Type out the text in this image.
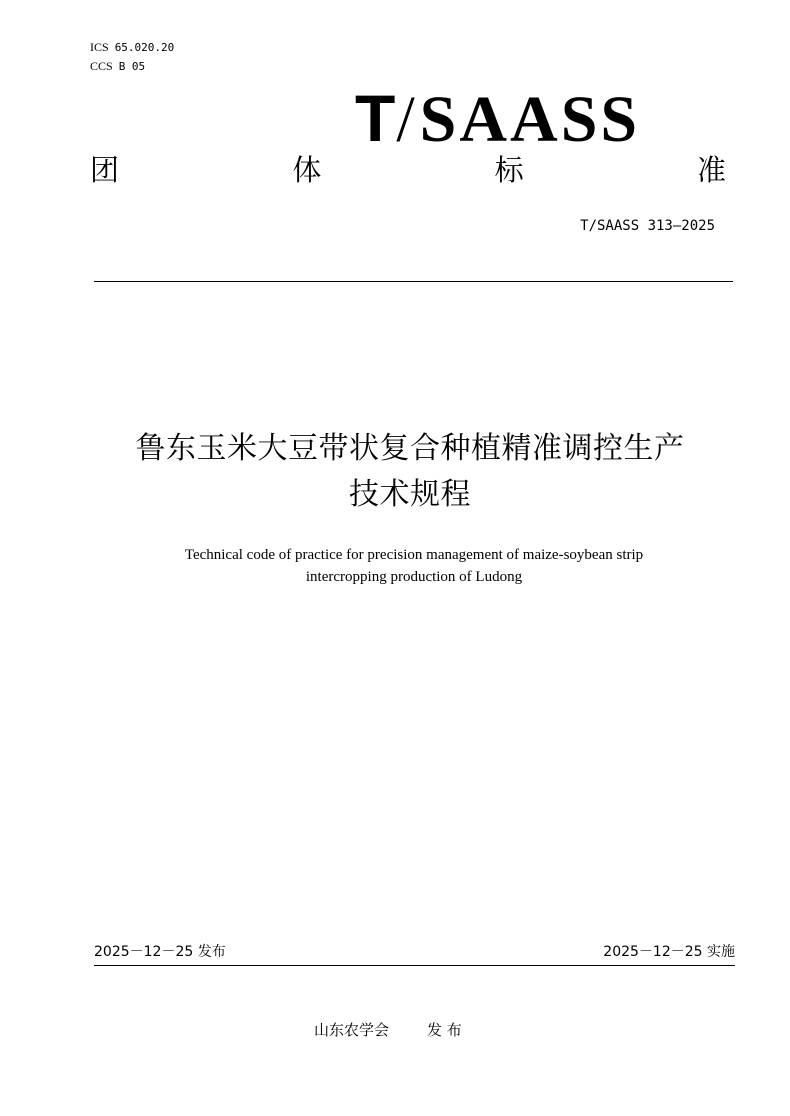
ICS 65.020.20
CCS B 05
T/SAASS
团	体	标	准
T/SAASS 313—2025
鲁东玉米大豆带状复合种植精准调控生产
技术规程
Technical code of practice for precision management of maize-soybean strip
intercropping production of Ludong
2025－12－25 发布	2025－12－25 实施
山东农学会	发 布
